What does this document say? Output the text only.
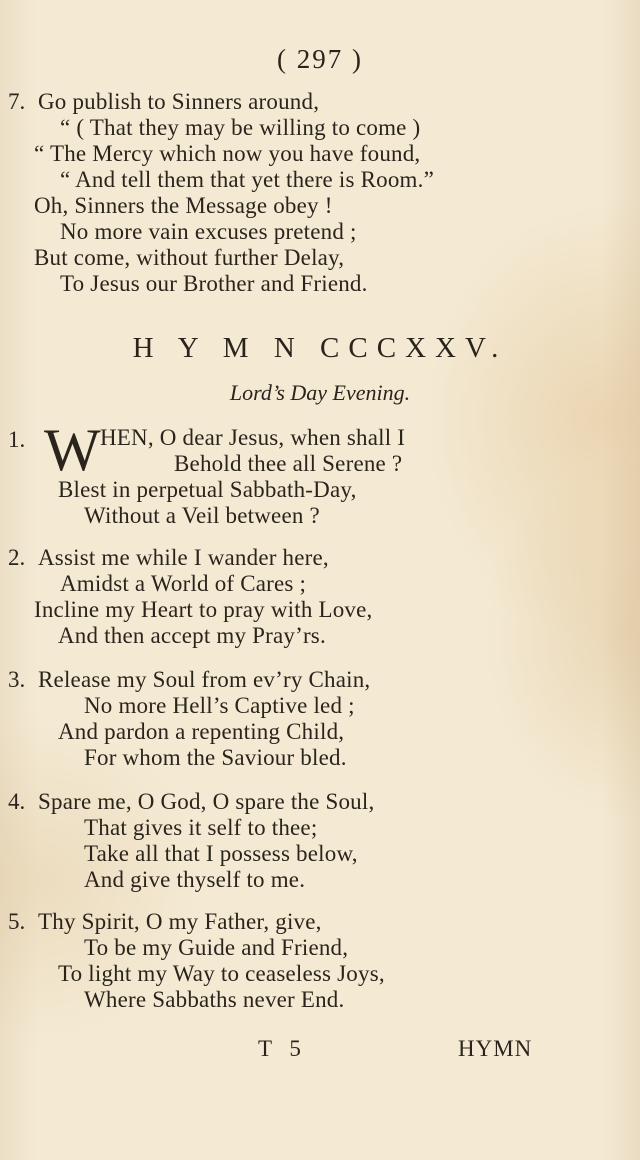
( 297 )
7. Go publish to Sinners around,
“ ( That they may be willing to come )
“ The Mercy which now you have found,
“ And tell them that yet there is Room.”
Oh, Sinners the Message obey !
No more vain excuses pretend ;
But come, without further Delay,
To Jesus our Brother and Friend.
H Y M N CCCXXV.
Lord’s Day Evening.
1. W HEN, O dear Jesus, when shall I
Behold thee all Serene ?
Blest in perpetual Sabbath-Day,
Without a Veil between ?
2. Assist me while I wander here,
Amidst a World of Cares ;
Incline my Heart to pray with Love,
And then accept my Pray’rs.
3. Release my Soul from ev’ry Chain,
No more Hell’s Captive led ;
And pardon a repenting Child,
For whom the Saviour bled.
4. Spare me, O God, O spare the Soul,
That gives it self to thee;
Take all that I possess below,
And give thyself to me.
5. Thy Spirit, O my Father, give,
To be my Guide and Friend,
To light my Way to ceaseless Joys,
Where Sabbaths never End.
T 5	HYMN
